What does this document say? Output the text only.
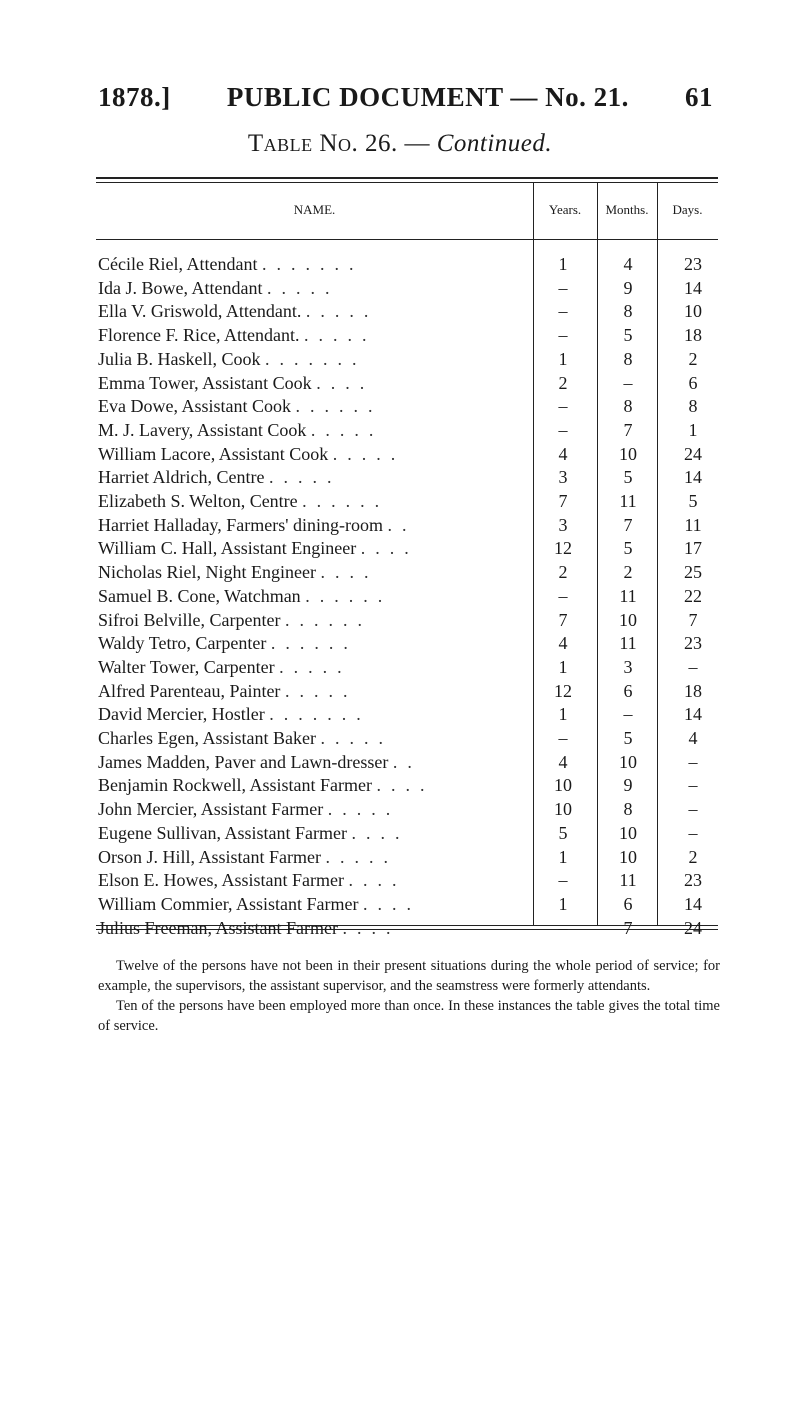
1878.] PUBLIC DOCUMENT — No. 21. 61
Table No. 26. — Continued.
NAME.	Years.	Months.	Days.
Cécile Riel, Attendant .......	1	4	23
Ida J. Bowe, Attendant .....	–	9	14
Ella V. Griswold, Attendant. .....	–	8	10
Florence F. Rice, Attendant. .....	–	5	18
Julia B. Haskell, Cook .......	1	8	2
Emma Tower, Assistant Cook ....	2	–	6
Eva Dowe, Assistant Cook ......	–	8	8
M. J. Lavery, Assistant Cook .....	–	7	1
William Lacore, Assistant Cook .....	4	10	24
Harriet Aldrich, Centre .....	3	5	14
Elizabeth S. Welton, Centre ......	7	11	5
Harriet Halladay, Farmers' dining-room ..	3	7	11
William C. Hall, Assistant Engineer ....	12	5	17
Nicholas Riel, Night Engineer ....	2	2	25
Samuel B. Cone, Watchman ......	–	11	22
Sifroi Belville, Carpenter ......	7	10	7
Waldy Tetro, Carpenter ......	4	11	23
Walter Tower, Carpenter .....	1	3	–
Alfred Parenteau, Painter .....	12	6	18
David Mercier, Hostler .......	1	–	14
Charles Egen, Assistant Baker .....	–	5	4
James Madden, Paver and Lawn-dresser ..	4	10	–
Benjamin Rockwell, Assistant Farmer ....	10	9	–
John Mercier, Assistant Farmer .....	10	8	–
Eugene Sullivan, Assistant Farmer ....	5	10	–
Orson J. Hill, Assistant Farmer .....	1	10	2
Elson E. Howes, Assistant Farmer ....	–	11	23
William Commier, Assistant Farmer ....	1	6	14
Julius Freeman, Assistant Farmer ....	–	7	24

Twelve of the persons have not been in their present situations during the whole period of service; for example, the supervisors, the assistant supervisor, and the seamstress were formerly attendants.

Ten of the persons have been employed more than once. In these instances the table gives the total time of service.
